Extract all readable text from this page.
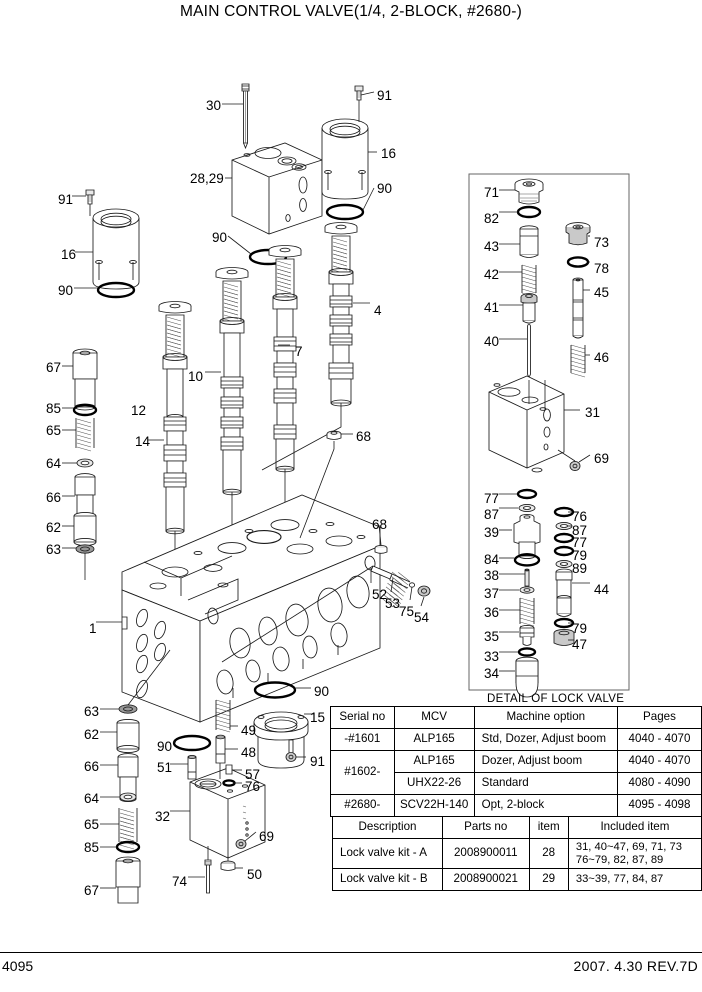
MAIN CONTROL VALVE(1/4, 2-BLOCK, #2680-)
30
91
16
28,29
90
91
16
90
90
4
7
67
10
85	12
65
14	68
64
66
68
62
63
52
53
75 54
1
90
63	15
62	49
90	48
91
66	51	57
76
64
32
65
69
85
50
74
67
71
82
43	73
42	78
41
45
40
46
31
69
77
87	76
39	87
77
84	79
38	89
37	44
36
35
79
47
33
34
DETAIL OF LOCK VALVE
Serial no	MCV	Machine option	Pages
-#1601	ALP165	Std, Dozer, Adjust boom	4040 - 4070
#1602-	ALP165	Dozer, Adjust boom	4040 - 4070
	UHX22-26	Standard	4080 - 4090
#2680-	SCV22H-140	Opt, 2-block	4095 - 4098
Description	Parts no	item	Included item
Lock valve kit - A	2008900011	28	31, 40~47, 69, 71, 73
76~79, 82, 87, 89
Lock valve kit - B	2008900021	29	33~39, 77, 84, 87
4095	2007. 4.30 REV.7D
